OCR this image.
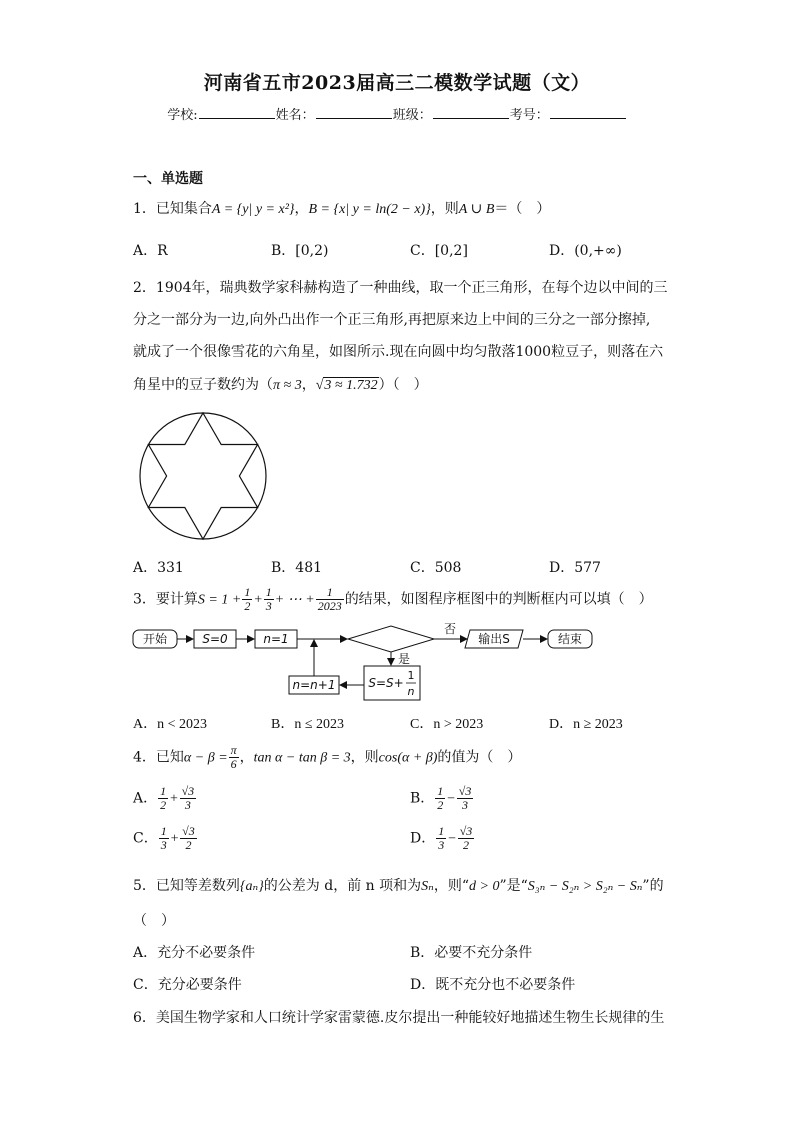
河南省五市2023届高三二模数学试题（文）
学校:	姓名：	班级：	考号：
一、单选题
1．已知集合A = {y| y = x²}，B = {x| y = ln(2 − x)}，则A ∪ B＝（　）
A．R	B．[0,2)	C．[0,2]	D．(0,+∞)
2．1904年，瑞典数学家科赫构造了一种曲线，取一个正三角形，在每个边以中间的三
分之一部分为一边,向外凸出作一个正三角形,再把原来边上中间的三分之一部分擦掉,
就成了一个很像雪花的六角星，如图所示.现在向圆中均匀散落1000粒豆子，则落在六
角星中的豆子数约为（π ≈ 3，√3 ≈ 1.732）（　）
A．331	B．481	C．508	D．577
3．要计算$S = 1 + \frac{1}{2} + \frac{1}{3}$ + ⋯ + $\frac{1}{2023}$ 的结果，如图程序框图中的判断框内可以填（　）
开始	S=0	n=1
否
是
输出S	结束
n=n+1	S=S+
1
n
A．n < 2023	B．n ≤ 2023	C．n > 2023	D．n ≥ 2023
4．已知$\alpha - \beta = \frac{\pi}{6}$ ，tan α − tan β = 3，则cos(α + β)的值为（　）
A． $\frac{1}{2} + \frac{√3}{3}$	B． $\frac{1}{2} - \frac{√3}{3}$
C． $\frac{1}{3} + \frac{√3}{2}$	D． $\frac{1}{3} - \frac{√3}{2}$
5．已知等差数列{aₙ}的公差为 d，前 n 项和为Sₙ，则“d > 0”是“S₃ₙ − S₂ₙ > S₂ₙ − Sₙ”的
（　）
A．充分不必要条件	B．必要不充分条件
C．充分必要条件	D．既不充分也不必要条件
6．美国生物学家和人口统计学家雷蒙德.皮尔提出一种能较好地描述生物生长规律的生
